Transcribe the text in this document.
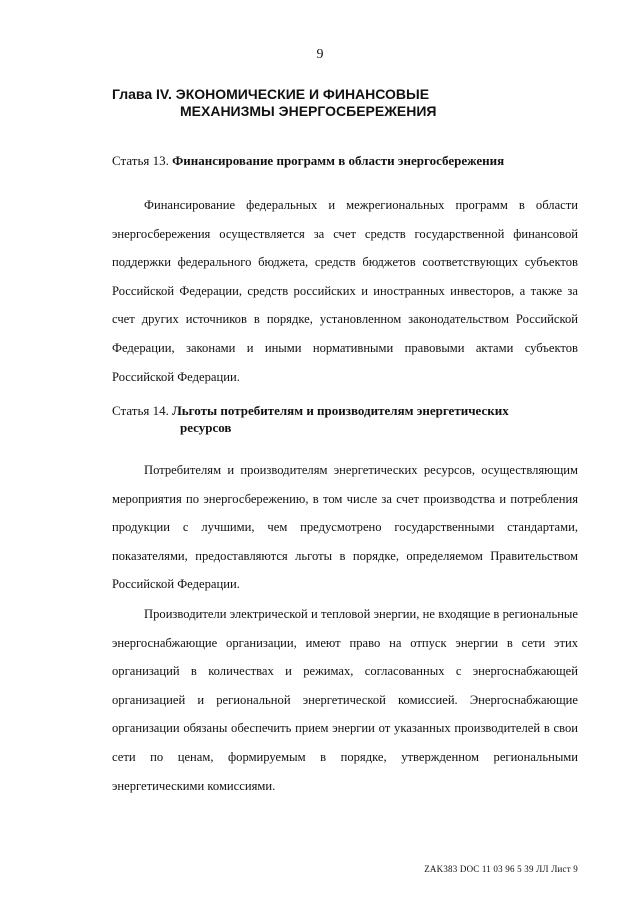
9
Глава IV. ЭКОНОМИЧЕСКИЕ И ФИНАНСОВЫЕ
МЕХАНИЗМЫ ЭНЕРГОСБЕРЕЖЕНИЯ
Статья 13. Финансирование программ в области энергосбережения

Финансирование федеральных и межрегиональных программ в области энергосбережения осуществляется за счет средств государственной финансовой поддержки федерального бюджета, средств бюджетов соответствующих субъектов Российской Федерации, средств российских и иностранных инвесторов, а также за счет других источников в порядке, установленном законодательством Российской Федерации, законами и иными нормативными правовыми актами субъектов Российской Федерации.

Статья 14. Льготы потребителям и производителям энергетических
ресурсов

Потребителям и производителям энергетических ресурсов, осуществляющим мероприятия по энергосбережению, в том числе за счет производства и потребления продукции с лучшими, чем предусмотрено государственными стандартами, показателями, предоставляются льготы в порядке, определяемом Правительством Российской Федерации.

Производители электрической и тепловой энергии, не входящие в региональные энергоснабжающие организации, имеют право на отпуск энергии в сети этих организаций в количествах и режимах, согласованных с энергоснабжающей организацией и региональной энергетической комиссией. Энергоснабжающие организации обязаны обеспечить прием энергии от указанных производителей в свои сети по ценам, формируемым в порядке, утвержденном региональными энергетическими комиссиями.

ZAK383 DOC 11 03 96 5 39 ЛЛ Лист 9
